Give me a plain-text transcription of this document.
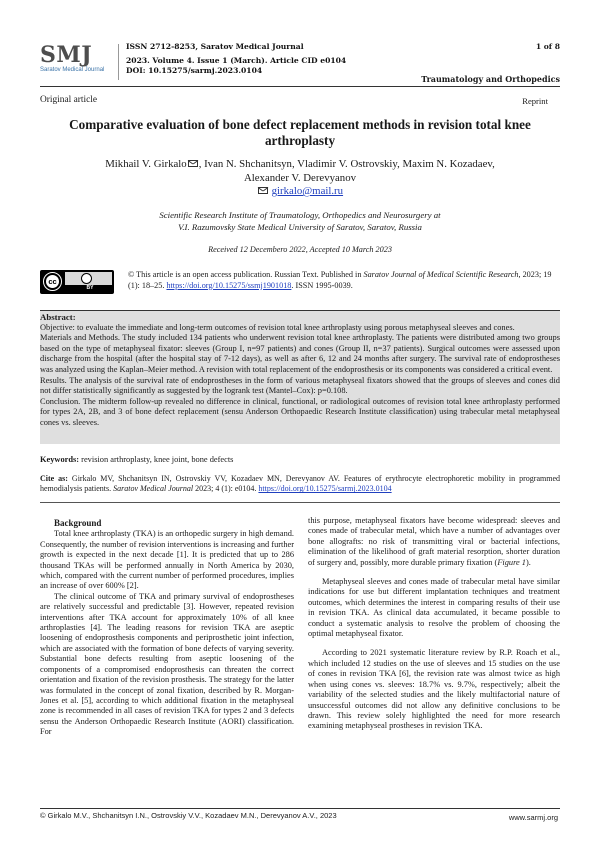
SMJ
Saratov Medical Journal
ISSN 2712-8253, Saratov Medical Journal
2023. Volume 4. Issue 1 (March). Article CID e0104
DOI: 10.15275/sarmj.2023.0104
1 of 8
Traumatology and Orthopedics
Original article	Reprint
Comparative evaluation of bone defect replacement methods in revision total knee arthroplasty
Mikhail V. Girkalo , Ivan N. Shchanitsyn, Vladimir V. Ostrovskiy, Maxim N. Kozadaev,
Alexander V. Derevyanov
girkalo@mail.ru
Scientific Research Institute of Traumatology, Orthopedics and Neurosurgery at
V.I. Razumovsky State Medical University of Saratov, Saratov, Russia
Received 12 Decembero 2022, Accepted 10 March 2023
cc
BY
© This article is an open access publication. Russian Text. Published in Saratov Journal of Medical Scientific Research, 2023; 19 (1): 18–25. https://doi.org/10.15275/ssmj1901018. ISSN 1995-0039.
Abstract:
Objective: to evaluate the immediate and long-term outcomes of revision total knee arthroplasty using porous metaphyseal sleeves and cones.
Materials and Methods. The study included 134 patients who underwent revision total knee arthroplasty. The patients were distributed among two groups based on the type of metaphyseal fixator: sleeves (Group I, n=97 patients) and cones (Group II, n=37 patients). Surgical outcomes were assessed upon discharge from the hospital (after the hospital stay of 7-12 days), as well as after 6, 12 and 24 months after surgery. The survival rate of endoprostheses was analyzed using the Kaplan–Meier method. A revision with total replacement of the endoprosthesis or its components was considered a critical event.
Results. The analysis of the survival rate of endoprostheses in the form of various metaphyseal fixators showed that the groups of sleeves and cones did not differ statistically significantly as suggested by the logrank test (Mantel–Cox): p=0.108.
Conclusion. The midterm follow-up revealed no difference in clinical, functional, or radiological outcomes of revision total knee arthroplasty performed for types 2A, 2B, and 3 of bone defect replacement (sensu Anderson Orthopaedic Research Institute classification) using trabecular metal metaphyseal cones vs. sleeves.
Keywords: revision arthroplasty, knee joint, bone defects
Cite as: Girkalo MV, Shchanitsyn IN, Ostrovskiy VV, Kozadaev MN, Derevyanov AV. Features of erythrocyte electrophoretic mobility in programmed hemodialysis patients. Saratov Medical Journal 2023; 4 (1): e0104. https://doi.org/10.15275/sarmj.2023.0104
Background

Total knee arthroplasty (TKA) is an orthopedic surgery in high demand. Consequently, the number of revision interventions is increasing and further growth is expected in the next decade [1]. It is predicted that up to 286 thousand TKAs will be performed annually in North America by 2030, which, compared with the current number of performed procedures, implies an increase of over 600% [2].

The clinical outcome of TKA and primary survival of endoprostheses are relatively successful and predictable [3]. However, repeated revision interventions after TKA account for approximately 10% of all knee arthroplasties [4]. The leading reasons for revision TKA are aseptic loosening of endoprosthesis components and periprosthetic joint infection, which are associated with the formation of bone defects of varying severity. Substantial bone defects resulting from aseptic loosening of the components of a compromised endoprosthesis can threaten the correct orientation and fixation of the revision prosthesis. The strategy for the latter was formulated in the concept of zonal fixation, described by R. Morgan-Jones et al. [5], according to which additional fixation in the metaphyseal zone is recommended in all cases of revision TKA for types 2 and 3 defects sensu the Anderson Orthopaedic Research Institute (AORI) classification. For

this purpose, metaphyseal fixators have become widespread: sleeves and cones made of trabecular metal, which have a number of advantages over bone allografts: no risk of transmitting viral or bacterial infections, elimination of the likelihood of graft material resorption, shorter duration of surgery and, possibly, more durable primary fixation (Figure 1).

Metaphyseal sleeves and cones made of trabecular metal have similar indications for use but different implantation techniques and treatment outcomes, which determines the interest in comparing results of their use in revision TKA. As clinical data accumulated, it became possible to conduct a systematic analysis to resolve the problem of choosing the optimal metaphyseal fixator.

According to 2021 systematic literature review by R.P. Roach et al., which included 12 studies on the use of sleeves and 15 studies on the use of cones in revision TKA [6], the revision rate was almost twice as high when using cones vs. sleeves: 18.7% vs. 9.7%, respectively; albeit the variability of the selected studies and the likely multifactorial nature of unsuccessful outcomes did not allow any definitive conclusions to be drawn. This review solely highlighted the need for more research examining metaphyseal prostheses in revision TKA.

© Girkalo M.V., Shchanitsyn I.N., Ostrovskiy V.V., Kozadaev M.N., Derevyanov A.V., 2023	www.sarmj.org
